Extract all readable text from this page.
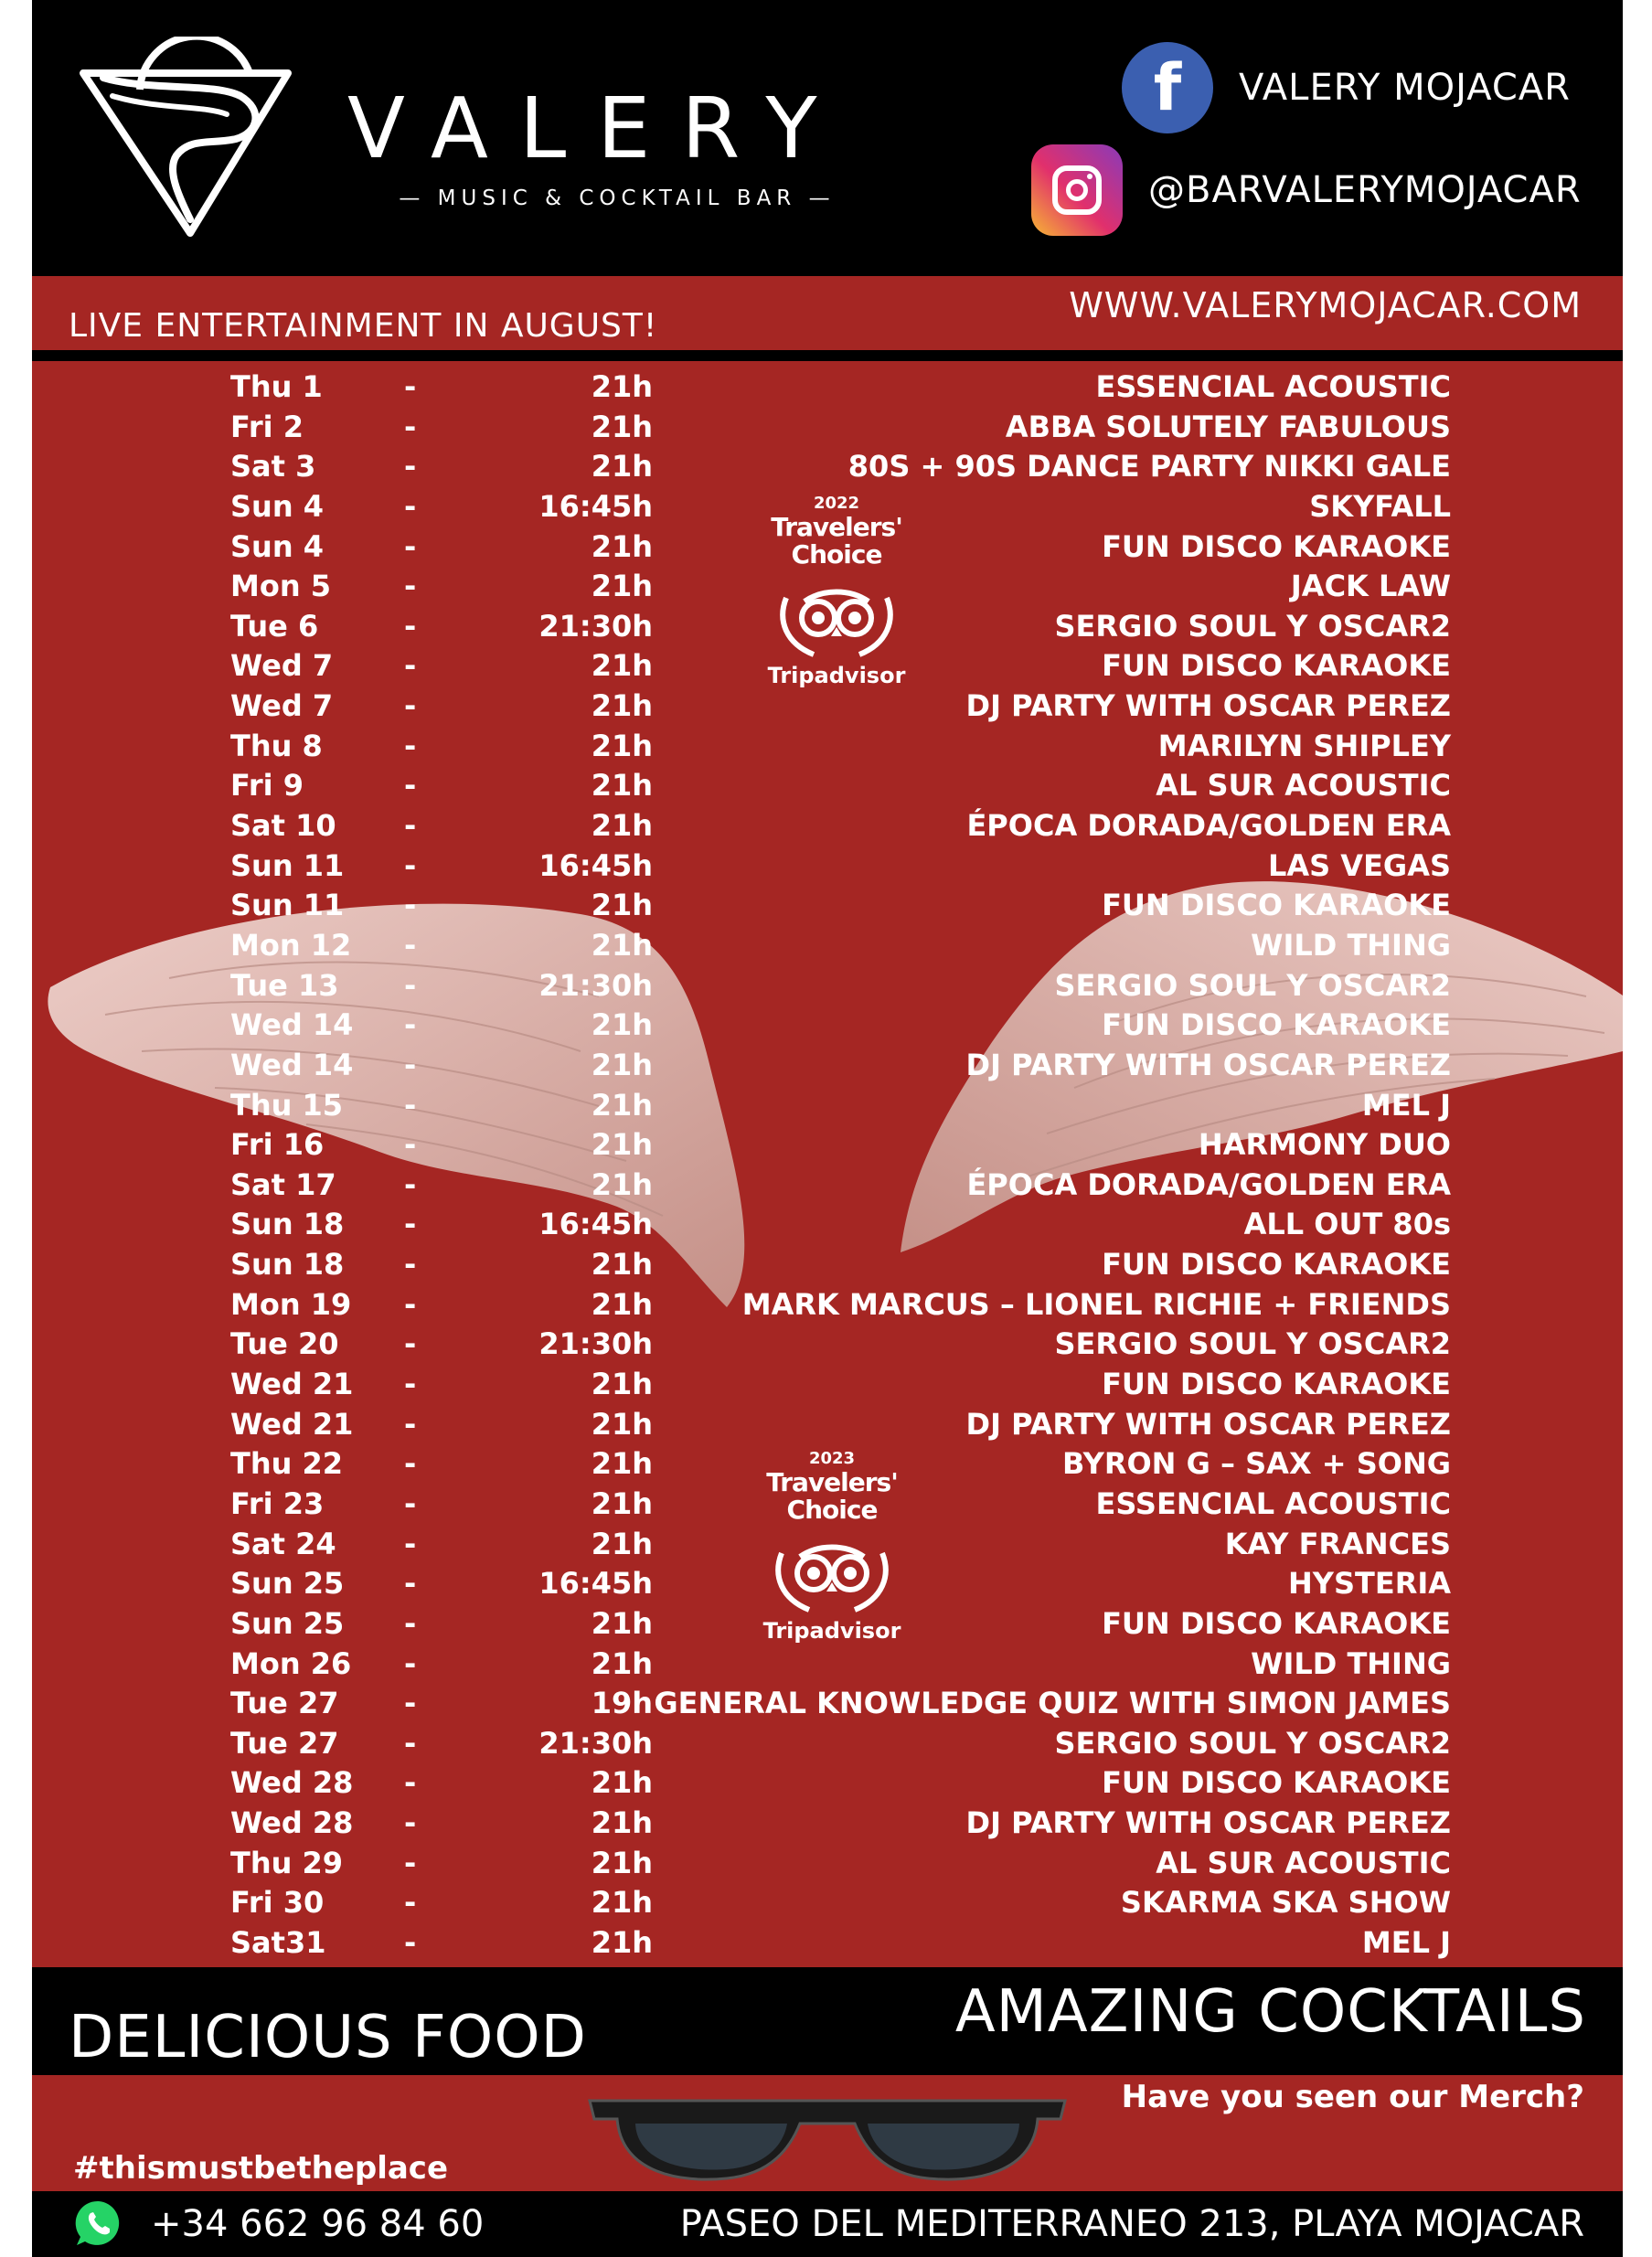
VALERY
— MUSIC & COCKTAIL BAR —
f	VALERY MOJACAR
@BARVALERYMOJACAR
WWW.VALERYMOJACAR.COM
LIVE ENTERTAINMENT IN AUGUST!
Thu 1	-	21h	ESSENCIAL ACOUSTIC
Fri 2	-	21h	ABBA SOLUTELY FABULOUS
Sat 3	-	21h	80S + 90S DANCE PARTY NIKKI GALE
Sun 4	-	16:45h	SKYFALL
Sun 4	-	21h	FUN DISCO KARAOKE
Mon 5 -	21h	JACK LAW
Tue 6	-	21:30h	SERGIO SOUL Y OSCAR2
Wed 7 -	21h	FUN DISCO KARAOKE
Wed 7 -	21h	DJ PARTY WITH OSCAR PEREZ
Thu 8	-	21h	MARILYN SHIPLEY
Fri 9	-	21h	AL SUR ACOUSTIC
Sat 10 -	21h	ÉPOCA DORADA/GOLDEN ERA
Sun 11 -	16:45h	LAS VEGAS
Sun 11 -	21h	FUN DISCO KARAOKE
Mon 12 -	21h	WILD THING
Tue 13 -	21:30h	SERGIO SOUL Y OSCAR2
Wed 14 -	21h	FUN DISCO KARAOKE
Wed 14 -	21h	DJ PARTY WITH OSCAR PEREZ
Thu 15 -	21h	MEL J
Fri 16	-	21h	HARMONY DUO
Sat 17 -	21h	ÉPOCA DORADA/GOLDEN ERA
Sun 18 -	16:45h	ALL OUT 80s
Sun 18 -	21h	FUN DISCO KARAOKE
Mon 19 -	21h	MARK MARCUS – LIONEL RICHIE + FRIENDS
Tue 20 -	21:30h	SERGIO SOUL Y OSCAR2
Wed 21 -	21h	FUN DISCO KARAOKE
Wed 21 -	21h	DJ PARTY WITH OSCAR PEREZ
Thu 22 -	21h	BYRON G – SAX + SONG
Fri 23	-	21h	ESSENCIAL ACOUSTIC
Sat 24 -	21h	KAY FRANCES
Sun 25 -	16:45h	HYSTERIA
Sun 25 -	21h	FUN DISCO KARAOKE
Mon 26 -	21h	WILD THING
Tue 27 -	19h GENERAL KNOWLEDGE QUIZ WITH SIMON JAMES
Tue 27 -	21:30h	SERGIO SOUL Y OSCAR2
Wed 28 -	21h	FUN DISCO KARAOKE
Wed 28 -	21h	DJ PARTY WITH OSCAR PEREZ
Thu 29 -	21h	AL SUR ACOUSTIC
Fri 30	-	21h	SKARMA SKA SHOW
Sat31	-	21h	MEL J
2022
Travelers'
Choice
Tripadvisor
2023
Travelers'
Choice
Tripadvisor
DELICIOUS FOOD	AMAZING COCKTAILS
Have you seen our Merch?
#thismustbetheplace
+34 662 96 84 60	PASEO DEL MEDITERRANEO 213, PLAYA MOJACAR
